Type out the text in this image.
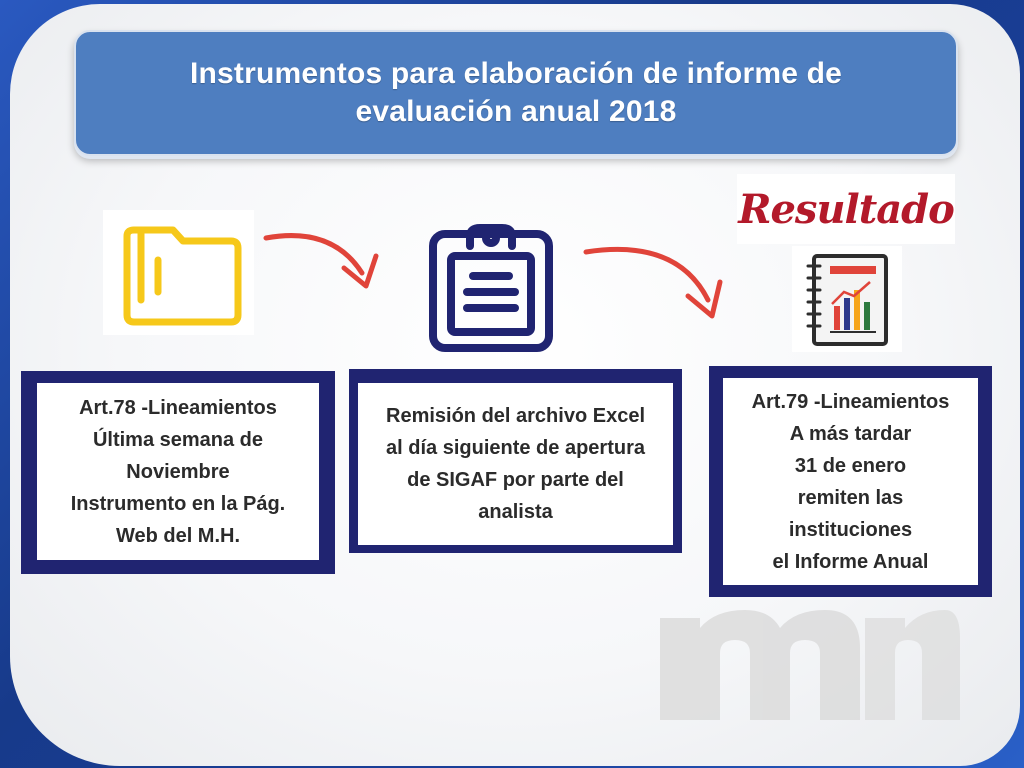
Instrumentos para elaboración de informe de
evaluación anual 2018
Resultado
Art.78 -Lineamientos
Última semana de
Noviembre
Instrumento en la Pág.
Web del M.H.
Remisión del archivo Excel
al día siguiente de apertura
de SIGAF por parte del
analista
Art.79 -Lineamientos
A más tardar
31 de enero
remiten las
instituciones
el Informe Anual
